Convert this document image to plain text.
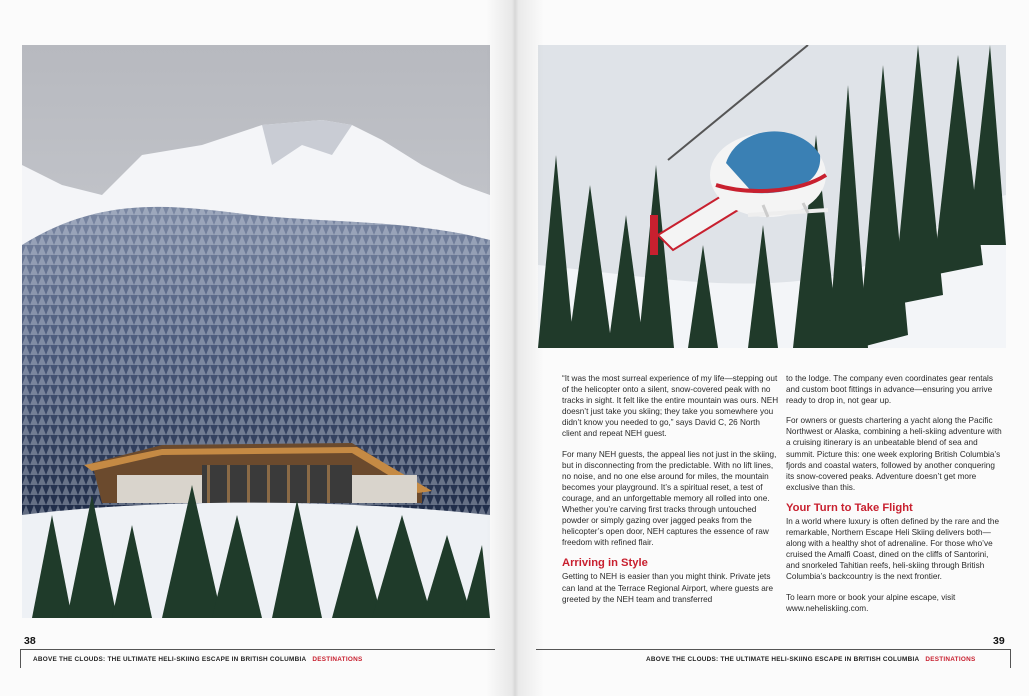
38
ABOVE THE CLOUDS: THE ULTIMATE HELI-SKIING ESCAPE IN BRITISH COLUMBIA DESTINATIONS
39
ABOVE THE CLOUDS: THE ULTIMATE HELI-SKIING ESCAPE IN BRITISH COLUMBIA DESTINATIONS

“It was the most surreal experience of my life—stepping out of the helicopter onto a silent, snow-covered peak with no tracks in sight. It felt like the entire mountain was ours. NEH doesn’t just take you skiing; they take you somewhere you didn’t know you needed to go,” says David C, 26 North client and repeat NEH guest.

For many NEH guests, the appeal lies not just in the skiing, but in disconnecting from the predictable. With no lift lines, no noise, and no one else around for miles, the mountain becomes your playground. It’s a spiritual reset, a test of courage, and an unforgettable memory all rolled into one. Whether you’re carving first tracks through untouched powder or simply gazing over jagged peaks from the helicopter’s open door, NEH captures the essence of raw freedom with refined flair.

Arriving in Style

Getting to NEH is easier than you might think. Private jets can land at the Terrace Regional Airport, where guests are greeted by the NEH team and transferred

to the lodge. The company even coordinates gear rentals and custom boot fittings in advance—ensuring you arrive ready to drop in, not gear up.

For owners or guests chartering a yacht along the Pacific Northwest or Alaska, combining a heli-skiing adventure with a cruising itinerary is an unbeatable blend of sea and summit. Picture this: one week exploring British Columbia’s fjords and coastal waters, followed by another conquering its snow-covered peaks. Adventure doesn’t get more exclusive than this.

Your Turn to Take Flight

In a world where luxury is often defined by the rare and the remarkable, Northern Escape Heli Skiing delivers both—along with a healthy shot of adrenaline. For those who’ve cruised the Amalfi Coast, dined on the cliffs of Santorini, and snorkeled Tahitian reefs, heli-skiing through British Columbia’s backcountry is the next frontier.

To learn more or book your alpine escape, visit www.neheliskiing.com.
